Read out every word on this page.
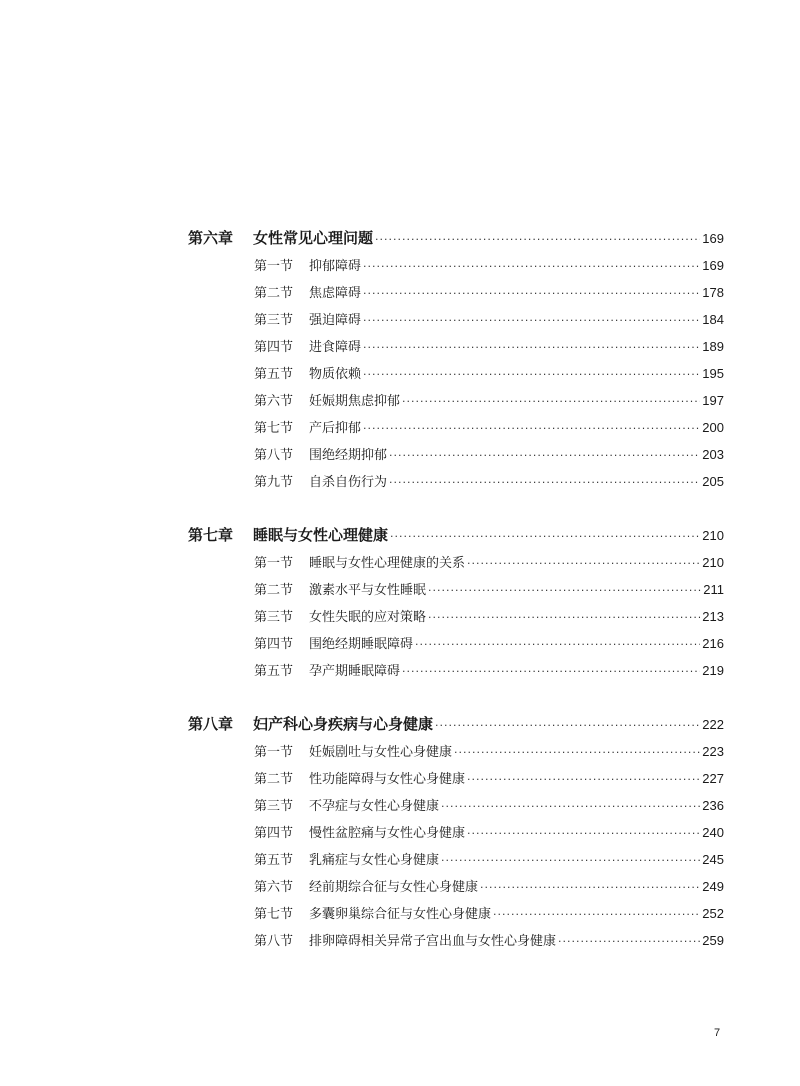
第六章	女性常见心理问题 ·····	169
第一节	抑郁障碍 ·····	169
第二节	焦虑障碍 ·····	178
第三节	强迫障碍 ·····	184
第四节	进食障碍 ·····	189
第五节	物质依赖 ·····	195
第六节	妊娠期焦虑抑郁 ·····	197
第七节	产后抑郁 ·····	200
第八节	围绝经期抑郁 ·····	203
第九节	自杀自伤行为 ·····	205
第七章	睡眠与女性心理健康 ·····	210
第一节	睡眠与女性心理健康的关系 ·····	210
第二节	激素水平与女性睡眠 ·····	211
第三节	女性失眠的应对策略 ·····	213
第四节	围绝经期睡眠障碍 ·····	216
第五节	孕产期睡眠障碍 ·····	219
第八章	妇产科心身疾病与心身健康 ·····	222
第一节	妊娠剧吐与女性心身健康 ·····	223
第二节	性功能障碍与女性心身健康 ·····	227
第三节	不孕症与女性心身健康 ·····	236
第四节	慢性盆腔痛与女性心身健康 ·····	240
第五节	乳痛症与女性心身健康 ·····	245
第六节	经前期综合征与女性心身健康 ·····	249
第七节	多囊卵巢综合征与女性心身健康 ·····	252
第八节	排卵障碍相关异常子宫出血与女性心身健康 ·····	259
7
